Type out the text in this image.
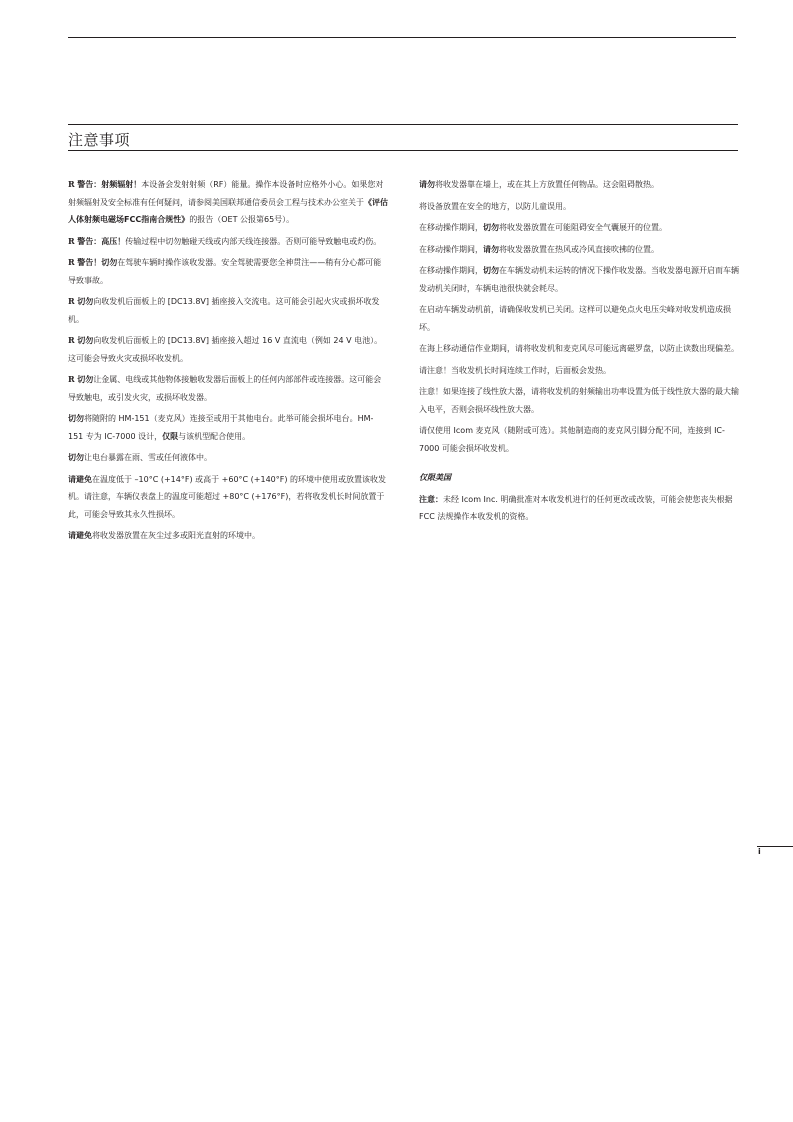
注意事项

R 警告：射频辐射！本设备会发射射频（RF）能量。操作本设备时应格外小心。如果您对射频辐射及安全标准有任何疑问，请参阅美国联邦通信委员会工程与技术办公室关于《评估人体射频电磁场FCC指南合规性》的报告（OET 公报第65号）。

R 警告：高压！传输过程中切勿触碰天线或内部天线连接器。否则可能导致触电或灼伤。

R 警告！切勿在驾驶车辆时操作该收发器。安全驾驶需要您全神贯注——稍有分心都可能导致事故。

R 切勿向收发机后面板上的 [DC13.8V] 插座接入交流电。这可能会引起火灾或损坏收发机。

R 切勿向收发机后面板上的 [DC13.8V] 插座接入超过 16 V 直流电（例如 24 V 电池）。这可能会导致火灾或损坏收发机。

R 切勿让金属、电线或其他物体接触收发器后面板上的任何内部部件或连接器。这可能会导致触电，或引发火灾，或损坏收发器。

切勿将随附的 HM-151（麦克风）连接至或用于其他电台。此举可能会损坏电台。HM-151 专为 IC-7000 设计，仅限与该机型配合使用。

切勿让电台暴露在雨、雪或任何液体中。

请避免在温度低于 –10°C (+14°F) 或高于 +60°C (+140°F) 的环境中使用或放置该收发机。请注意，车辆仪表盘上的温度可能超过 +80°C (+176°F)，若将收发机长时间放置于此，可能会导致其永久性损坏。

请避免将收发器放置在灰尘过多或阳光直射的环境中。

请勿将收发器靠在墙上，或在其上方放置任何物品。这会阻碍散热。

将设备放置在安全的地方，以防儿童误用。

在移动操作期间，切勿将收发器放置在可能阻碍安全气囊展开的位置。

在移动操作期间，请勿将收发器放置在热风或冷风直接吹拂的位置。

在移动操作期间，切勿在车辆发动机未运转的情况下操作收发器。当收发器电源开启而车辆发动机关闭时，车辆电池很快就会耗尽。

在启动车辆发动机前，请确保收发机已关闭。这样可以避免点火电压尖峰对收发机造成损坏。

在海上移动通信作业期间，请将收发机和麦克风尽可能远离磁罗盘，以防止读数出现偏差。

请注意！当收发机长时间连续工作时，后面板会发热。

注意！如果连接了线性放大器，请将收发机的射频输出功率设置为低于线性放大器的最大输入电平，否则会损坏线性放大器。

请仅使用 Icom 麦克风（随附或可选）。其他制造商的麦克风引脚分配不同，连接到 IC-7000 可能会损坏收发机。

仅限美国

注意：未经 Icom Inc. 明确批准对本收发机进行的任何更改或改装，可能会使您丧失根据 FCC 法规操作本收发机的资格。

i
